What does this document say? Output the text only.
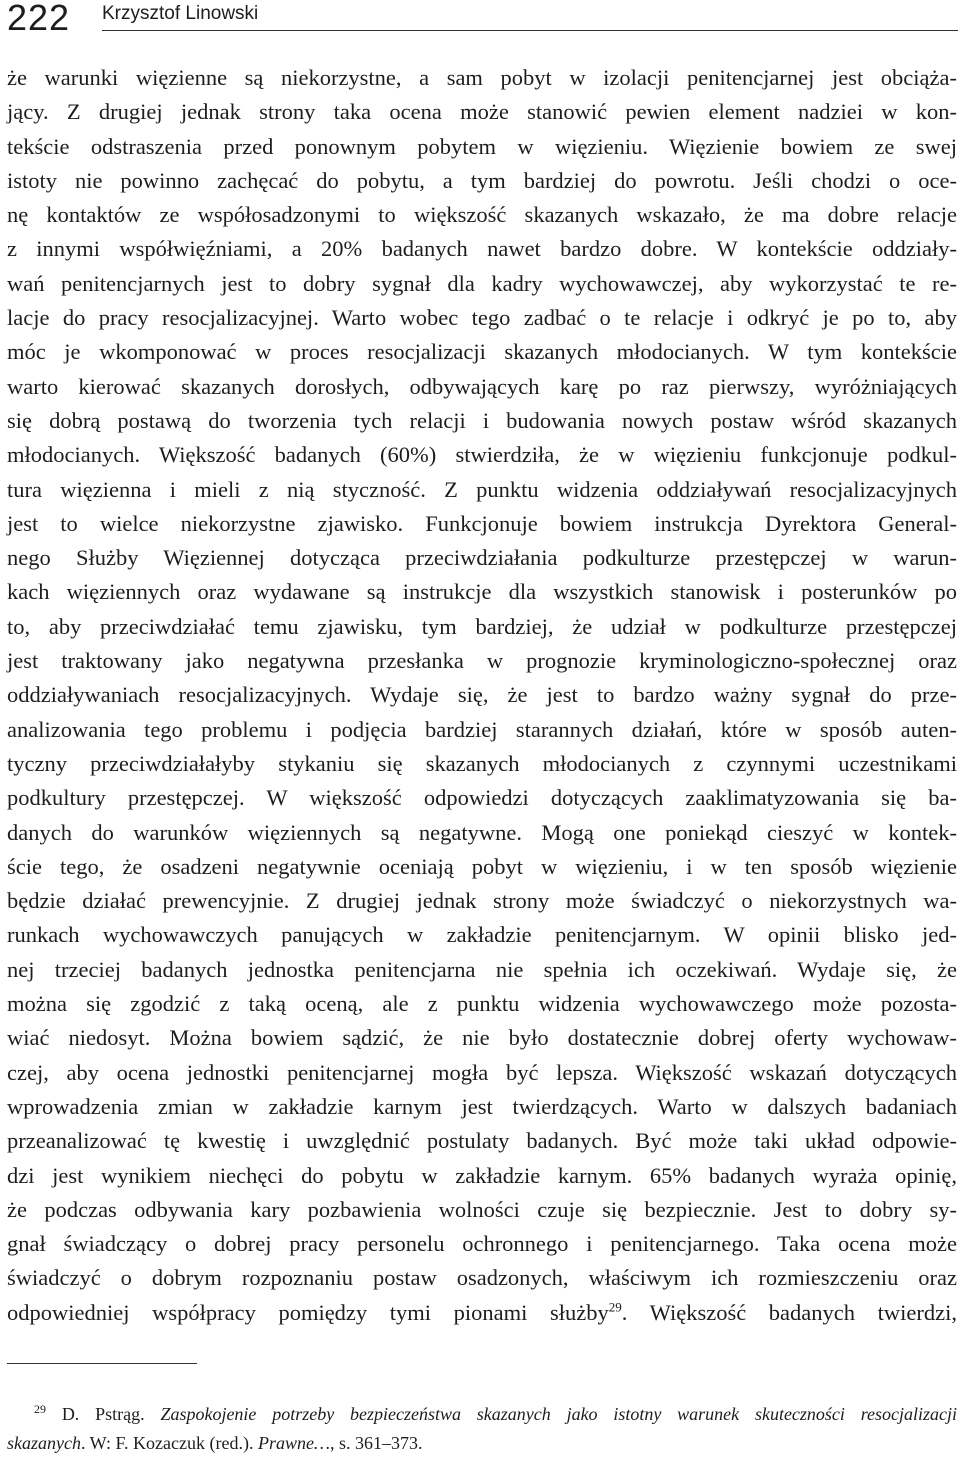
222 Krzysztof Linowski
że warunki więzienne są niekorzystne, a sam pobyt w izolacji penitencjarnej jest obciąża-
jący. Z drugiej jednak strony taka ocena może stanowić pewien element nadziei w kon-
tekście odstraszenia przed ponownym pobytem w więzieniu. Więzienie bowiem ze swej
istoty nie powinno zachęcać do pobytu, a tym bardziej do powrotu. Jeśli chodzi o oce-
nę kontaktów ze współosadzonymi to większość skazanych wskazało, że ma dobre relacje
z innymi współwięźniami, a 20% badanych nawet bardzo dobre. W kontekście oddziały-
wań penitencjarnych jest to dobry sygnał dla kadry wychowawczej, aby wykorzystać te re-
lacje do pracy resocjalizacyjnej. Warto wobec tego zadbać o te relacje i odkryć je po to, aby
móc je wkomponować w proces resocjalizacji skazanych młodocianych. W tym kontekście
warto kierować skazanych dorosłych, odbywających karę po raz pierwszy, wyróżniających
się dobrą postawą do tworzenia tych relacji i budowania nowych postaw wśród skazanych
młodocianych. Większość badanych (60%) stwierdziła, że w więzieniu funkcjonuje podkul-
tura więzienna i mieli z nią styczność. Z punktu widzenia oddziaływań resocjalizacyjnych
jest to wielce niekorzystne zjawisko. Funkcjonuje bowiem instrukcja Dyrektora General-
nego Służby Więziennej dotycząca przeciwdziałania podkulturze przestępczej w warun-
kach więziennych oraz wydawane są instrukcje dla wszystkich stanowisk i posterunków po
to, aby przeciwdziałać temu zjawisku, tym bardziej, że udział w podkulturze przestępczej
jest traktowany jako negatywna przesłanka w prognozie kryminologiczno-społecznej oraz
oddziaływaniach resocjalizacyjnych. Wydaje się, że jest to bardzo ważny sygnał do prze-
analizowania tego problemu i podjęcia bardziej starannych działań, które w sposób auten-
tyczny przeciwdziałałyby stykaniu się skazanych młodocianych z czynnymi uczestnikami
podkultury przestępczej. W większość odpowiedzi dotyczących zaaklimatyzowania się ba-
danych do warunków więziennych są negatywne. Mogą one poniekąd cieszyć w kontek-
ście tego, że osadzeni negatywnie oceniają pobyt w więzieniu, i w ten sposób więzienie
będzie działać prewencyjnie. Z drugiej jednak strony może świadczyć o niekorzystnych wa-
runkach wychowawczych panujących w zakładzie penitencjarnym. W opinii blisko jed-
nej trzeciej badanych jednostka penitencjarna nie spełnia ich oczekiwań. Wydaje się, że
można się zgodzić z taką oceną, ale z punktu widzenia wychowawczego może pozosta-
wiać niedosyt. Można bowiem sądzić, że nie było dostatecznie dobrej oferty wychowaw-
czej, aby ocena jednostki penitencjarnej mogła być lepsza. Większość wskazań dotyczących
wprowadzenia zmian w zakładzie karnym jest twierdzących. Warto w dalszych badaniach
przeanalizować tę kwestię i uwzględnić postulaty badanych. Być może taki układ odpowie-
dzi jest wynikiem niechęci do pobytu w zakładzie karnym. 65% badanych wyraża opinię,
że podczas odbywania kary pozbawienia wolności czuje się bezpiecznie. Jest to dobry sy-
gnał świadczący o dobrej pracy personelu ochronnego i penitencjarnego. Taka ocena może
świadczyć o dobrym rozpoznaniu postaw osadzonych, właściwym ich rozmieszczeniu oraz
odpowiedniej współpracy pomiędzy tymi pionami służby$^{29}$. Większość badanych twierdzi,
$^{29}$ D. Pstrąg. Zaspokojenie potrzeby bezpieczeństwa skazanych jako istotny warunek skuteczności resocjalizacji
skazanych. W: F. Kozaczuk (red.). Prawne…, s. 361–373.
